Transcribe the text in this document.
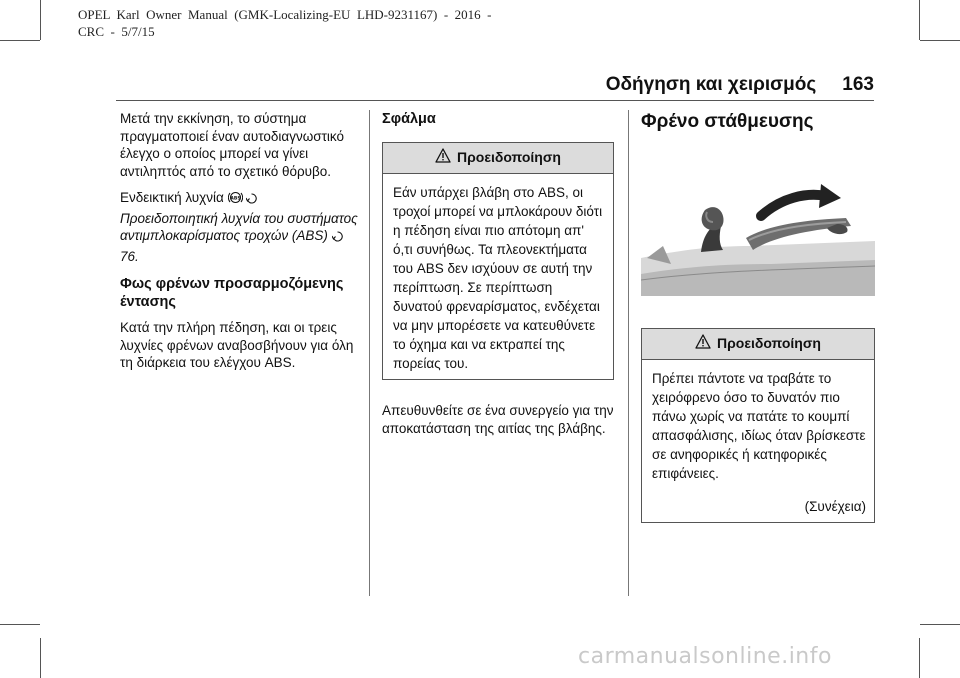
OPEL  Karl  Owner  Manual  (GMK-Localizing-EU  LHD-9231167)  -  2016  -
CRC  -  5/7/15
Οδήγηση και χειρισμός 163

Μετά την εκκίνηση, το σύστημα πραγματοποιεί έναν αυτοδιαγνωστικό έλεγχο ο οποίος μπορεί να γίνει αντιληπτός από το σχετικό θόρυβο.

Ενδεικτική λυχνία ABS

Προειδοποιητική λυχνία του συστήματος αντιμπλοκαρίσματος τροχών (ABS)  76.

Φως φρένων προσαρμοζόμενης έντασης

Κατά την πλήρη πέδηση, και οι τρεις λυχνίες φρένων αναβοσβήνουν για όλη τη διάρκεια του ελέγχου ABS.

Σφάλμα
Προειδοποίηση

Εάν υπάρχει βλάβη στο ABS, οι τροχοί μπορεί να μπλοκάρουν διότι η πέδηση είναι πιο απότομη απ' ό,τι συνήθως. Τα πλεονεκτήματα του ABS δεν ισχύουν σε αυτή την περίπτωση. Σε περίπτωση δυνατού φρεναρίσματος, ενδέχεται να μην μπορέσετε να κατευθύνετε το όχημα και να εκτραπεί της πορείας του.

Απευθυνθείτε σε ένα συνεργείο για την αποκατάσταση της αιτίας της βλάβης.

Φρένο στάθμευσης
Προειδοποίηση

Πρέπει πάντοτε να τραβάτε το χειρόφρενο όσο το δυνατόν πιο πάνω χωρίς να πατάτε το κουμπί απασφάλισης, ιδίως όταν βρίσκεστε σε ανηφορικές ή κατηφορικές επιφάνειες.

(Συνέχεια)
carmanualsonline.info
